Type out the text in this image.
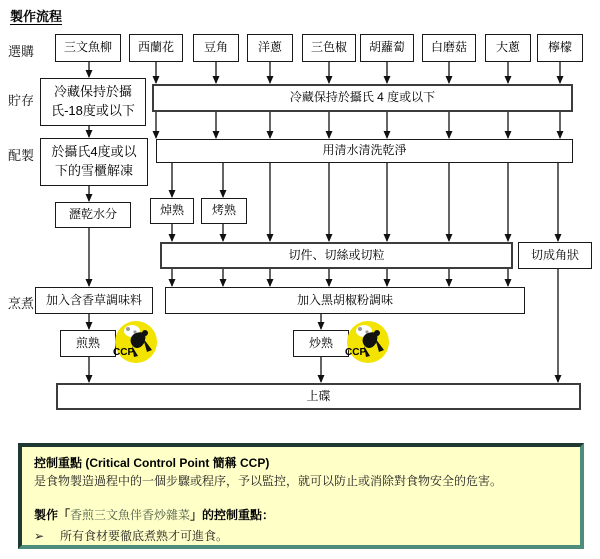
製作流程
選購
貯存
配製
烹煮
三文魚柳	西蘭花	豆角	洋蔥	三色椒	胡蘿蔔	白磨菇	大蔥	檸檬
冷藏保持於攝氏-18度或以下
冷藏保持於攝氏 4 度或以下
於攝氏4度或以下的雪櫃解凍
用清水清洗乾淨
瀝乾水分	焯熟	烤熟
切件、切絲或切粒	切成角狀
加入含香草調味料	加入黑胡椒粉調味
煎熟	炒熟
CCP	CCP
上碟
控制重點 (Critical Control Point 簡稱 CCP)
是食物製造過程中的一個步驟或程序，予以監控，就可以防止或消除對食物安全的危害。
製作「香煎三文魚伴香炒雜菜」的控制重點：
➢	所有食材要徹底煮熟才可進食。
